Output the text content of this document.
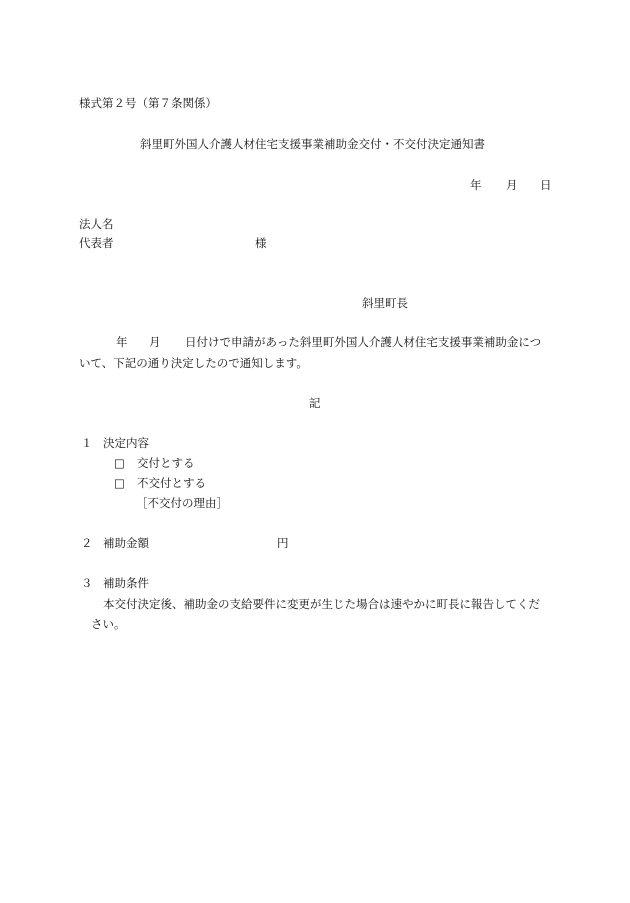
様式第２号（第７条関係）
斜里町外国人介護人材住宅支援事業補助金交付・不交付決定通知書
年 月 日
法人名
代表者	様
斜里町長
年 月 日付けで申請があった斜里町外国人介護人材住宅支援事業補助金につ
いて、下記の通り決定したので通知します。
記
１ 決定内容
□ 交付とする
□ 不交付とする
［不交付の理由］
２ 補助金額	円
３ 補助条件
本交付決定後、補助金の支給要件に変更が生じた場合は速やかに町長に報告してくだ
さい。
